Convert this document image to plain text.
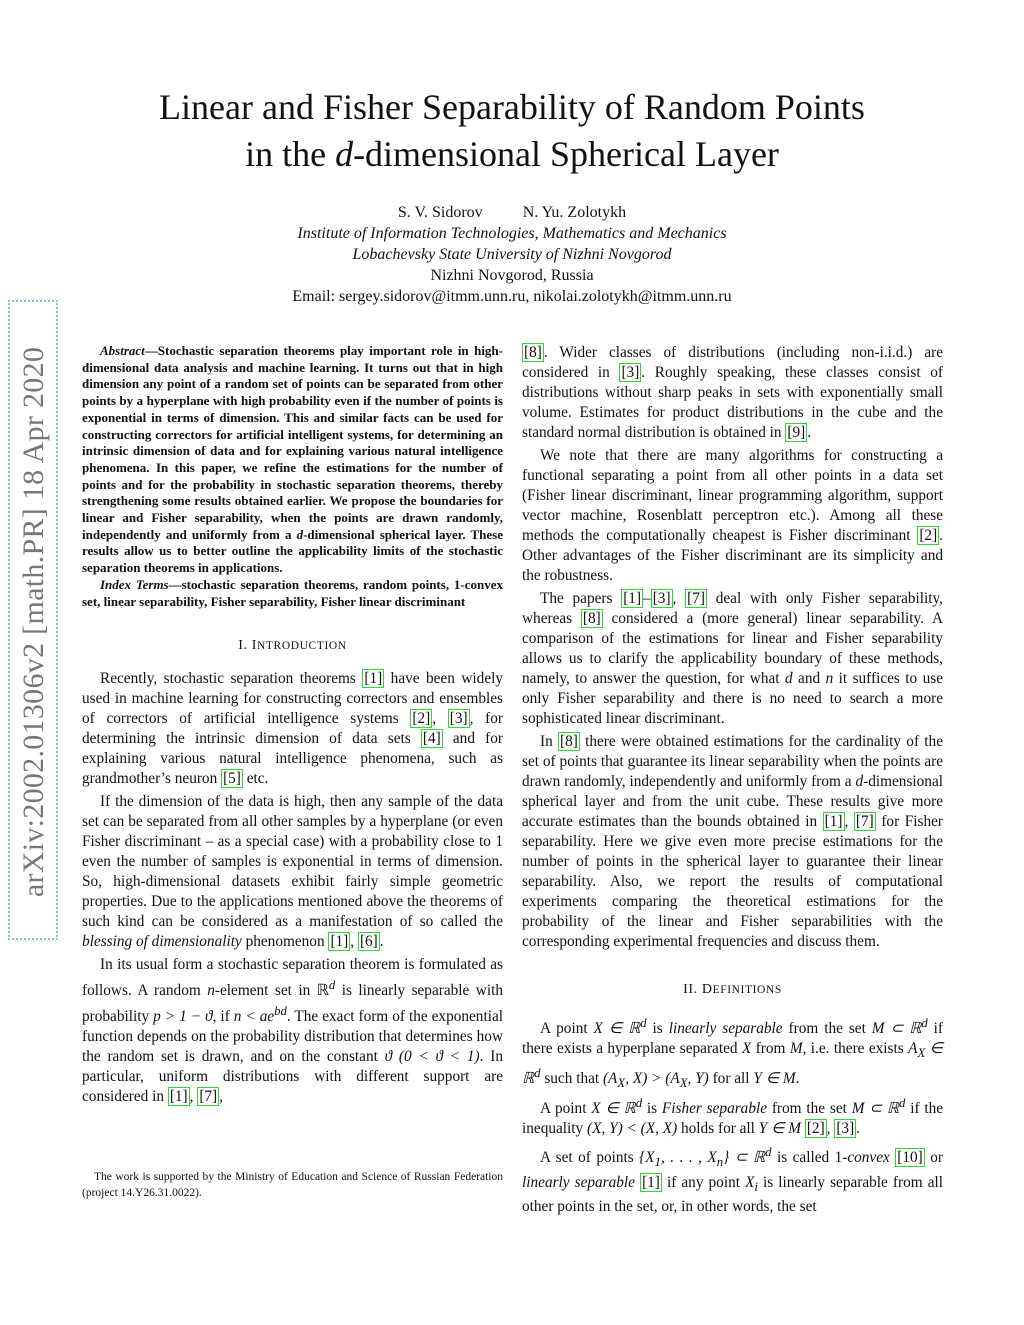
Linear and Fisher Separability of Random Points
in the d-dimensional Spherical Layer
S. V. Sidorov	N. Yu. Zolotykh
Institute of Information Technologies, Mathematics and Mechanics
Lobachevsky State University of Nizhni Novgorod
Nizhni Novgorod, Russia
Email: sergey.sidorov@itmm.unn.ru, nikolai.zolotykh@itmm.unn.ru
arXiv:2002.01306v2 [math.PR] 18 Apr 2020	Abstract—Stochastic separation theorems play important role in high-dimensional data analysis and machine learning. It turns out that in high dimension any point of a random set of points can be separated from other points by a hyperplane with high probability even if the number of points is exponential in terms of dimension. This and similar facts can be used for constructing correctors for artificial intelligent systems, for determining an intrinsic dimension of data and for explaining various natural intelligence phenomena. In this paper, we refine the estimations for the number of points and for the probability in stochastic separation theorems, thereby strengthening some results obtained earlier. We propose the boundaries for linear and Fisher separability, when the points are drawn randomly, independently and uniformly from a d-dimensional spherical layer. These results allow us to better outline the applicability limits of the stochastic separation theorems in applications.

Index Terms—stochastic separation theorems, random points, 1-convex set, linear separability, Fisher separability, Fisher linear discriminant

I. INTRODUCTION

Recently, stochastic separation theorems [1] have been widely used in machine learning for constructing correctors and ensembles of correctors of artificial intelligence systems [2] , [3] , for determining the intrinsic dimension of data sets [4] and for explaining various natural intelligence phenomena, such as grandmother’s neuron [5] etc.

If the dimension of the data is high, then any sample of the data set can be separated from all other samples by a hyperplane (or even Fisher discriminant – as a special case) with a probability close to 1 even the number of samples is exponential in terms of dimension. So, high-dimensional datasets exhibit fairly simple geometric properties. Due to the applications mentioned above the theorems of such kind can be considered as a manifestation of so called the blessing of dimensionality phenomenon [1] , [6] .

In its usual form a stochastic separation theorem is formulated as follows. A random n-element set in ℝ$^d$ is linearly separable with probability p > 1 − ϑ, if $n < ae^{bd}$. The exact form of the exponential function depends on the probability distribution that determines how the random set is drawn, and on the constant ϑ (0 < ϑ < 1). In particular, uniform distributions with different support are considered in [1] , [7] ,

The work is supported by the Ministry of Education and Science of Russian Federation (project 14.Y26.31.0022).

[8] . Wider classes of distributions (including non-i.i.d.) are considered in [3] . Roughly speaking, these classes consist of distributions without sharp peaks in sets with exponentially small volume. Estimates for product distributions in the cube and the standard normal distribution is obtained in [9] .

We note that there are many algorithms for constructing a functional separating a point from all other points in a data set (Fisher linear discriminant, linear programming algorithm, support vector machine, Rosenblatt perceptron etc.). Among all these methods the computationally cheapest is Fisher discriminant [2] . Other advantages of the Fisher discriminant are its simplicity and the robustness.

The papers [1] – [3] , [7] deal with only Fisher separability, whereas [8] considered a (more general) linear separability. A comparison of the estimations for linear and Fisher separability allows us to clarify the applicability boundary of these methods, namely, to answer the question, for what d and n it suffices to use only Fisher separability and there is no need to search a more sophisticated linear discriminant.

In [8] there were obtained estimations for the cardinality of the set of points that guarantee its linear separability when the points are drawn randomly, independently and uniformly from a d-dimensional spherical layer and from the unit cube. These results give more accurate estimates than the bounds obtained in [1] , [7] for Fisher separability. Here we give even more precise estimations for the number of points in the spherical layer to guarantee their linear separability. Also, we report the results of computational experiments comparing the theoretical estimations for the probability of the linear and Fisher separabilities with the corresponding experimental frequencies and discuss them.

II. DEFINITIONS

A point X ∈ ℝ$^d$ is linearly separable from the set M ⊂ ℝ$^d$ if there exists a hyperplane separated X from M, i.e. there exists $A_X$ ∈ ℝ$^d$ such that ($A_X$, $X) > (A_X$, Y) for all Y ∈ M.

A point X ∈ ℝ$^d$ is Fisher separable from the set M ⊂ ℝ$^d$ if the inequality (X, Y) < (X, X) holds for all Y ∈ M [2] , [3] .

A set of points {$X_1$, . . . , $X_n$} ⊂ ℝ$^d$ is called 1-convex [10] or linearly separable [1] if any point $X_i$ is linearly separable from all other points in the set, or, in other words, the set
